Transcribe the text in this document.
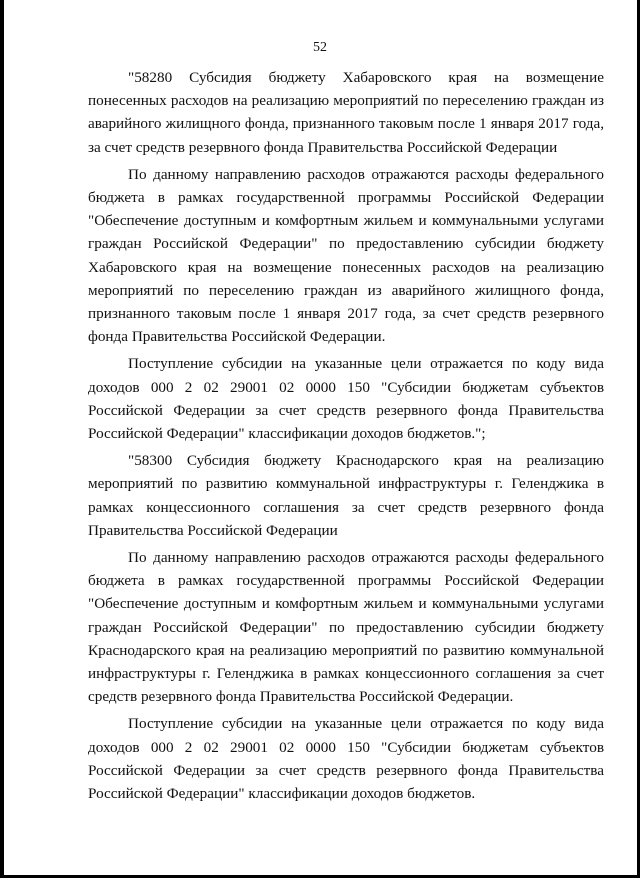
52

"58280 Субсидия бюджету Хабаровского края на возмещение понесенных расходов на реализацию мероприятий по переселению граждан из аварийного жилищного фонда, признанного таковым после 1 января 2017 года, за счет средств резервного фонда Правительства Российской Федерации

По данному направлению расходов отражаются расходы федерального бюджета в рамках государственной программы Российской Федерации "Обеспечение доступным и комфортным жильем и коммунальными услугами граждан Российской Федерации" по предоставлению субсидии бюджету Хабаровского края на возмещение понесенных расходов на реализацию мероприятий по переселению граждан из аварийного жилищного фонда, признанного таковым после 1 января 2017 года, за счет средств резервного фонда Правительства Российской Федерации.

Поступление субсидии на указанные цели отражается по коду вида доходов 000 2 02 29001 02 0000 150 "Субсидии бюджетам субъектов Российской Федерации за счет средств резервного фонда Правительства Российской Федерации" классификации доходов бюджетов.";

"58300 Субсидия бюджету Краснодарского края на реализацию мероприятий по развитию коммунальной инфраструктуры г. Геленджика в рамках концессионного соглашения за счет средств резервного фонда Правительства Российской Федерации

По данному направлению расходов отражаются расходы федерального бюджета в рамках государственной программы Российской Федерации "Обеспечение доступным и комфортным жильем и коммунальными услугами граждан Российской Федерации" по предоставлению субсидии бюджету Краснодарского края на реализацию мероприятий по развитию коммунальной инфраструктуры г. Геленджика в рамках концессионного соглашения за счет средств резервного фонда Правительства Российской Федерации.

Поступление субсидии на указанные цели отражается по коду вида доходов 000 2 02 29001 02 0000 150 "Субсидии бюджетам субъектов Российской Федерации за счет средств резервного фонда Правительства Российской Федерации" классификации доходов бюджетов.
